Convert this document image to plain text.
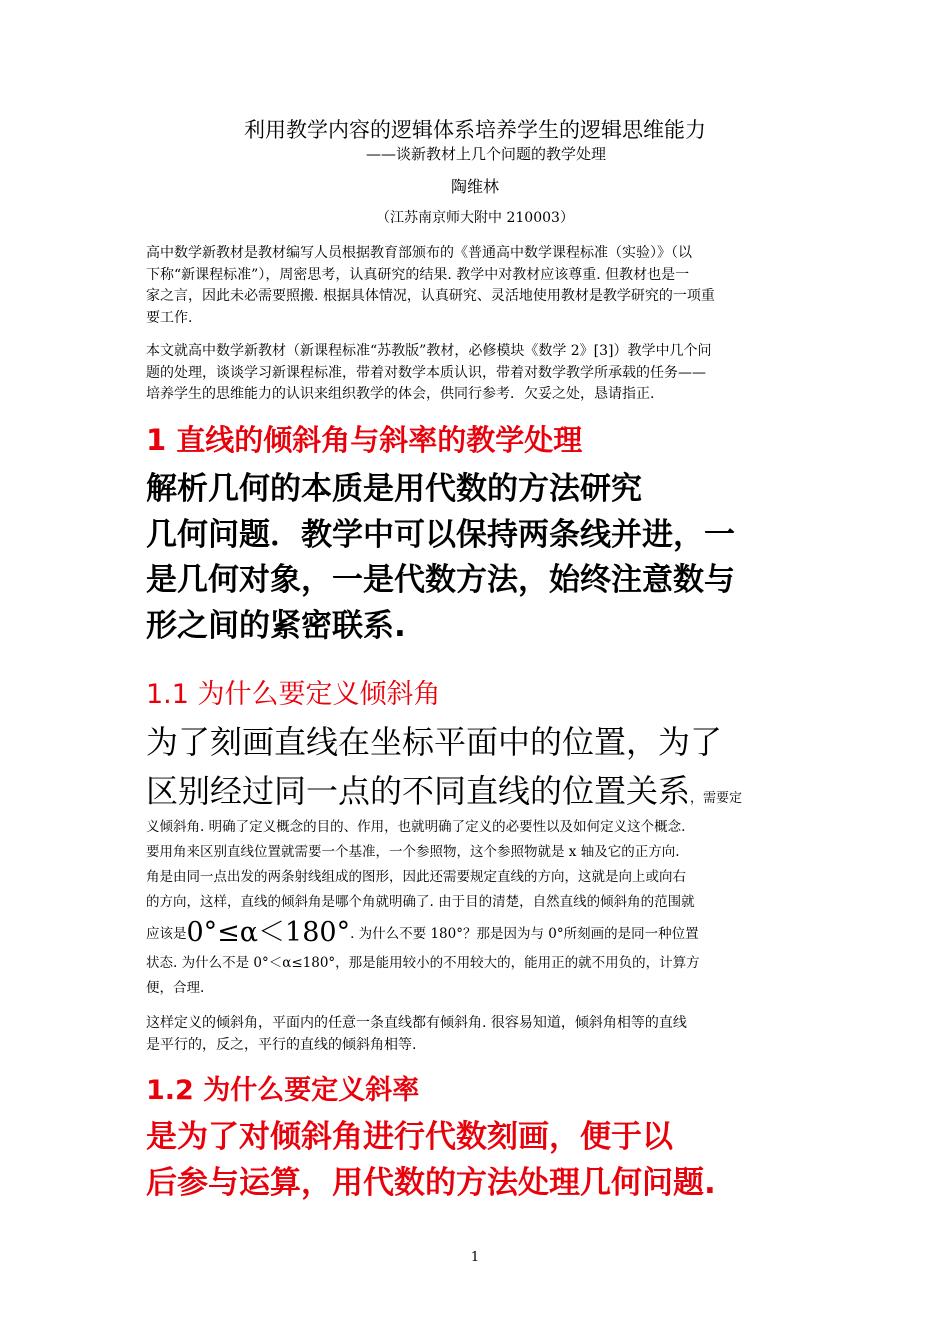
利用教学内容的逻辑体系培养学生的逻辑思维能力
——谈新教材上几个问题的教学处理
陶维林
（江苏南京师大附中 210003）
高中数学新教材是教材编写人员根据教育部颁布的《普通高中数学课程标准（实验）》（以
下称“新课程标准”），周密思考，认真研究的结果. 教学中对教材应该尊重. 但教材也是一
家之言，因此未必需要照搬. 根据具体情况，认真研究、灵活地使用教材是教学研究的一项重
要工作.
本文就高中数学新教材（新课程标准“苏教版”教材，必修模块《数学 2》[3]）教学中几个问
题的处理，谈谈学习新课程标准，带着对数学本质认识，带着对数学教学所承载的任务——
培养学生的思维能力的认识来组织教学的体会，供同行参考．欠妥之处，恳请指正.
1 直线的倾斜角与斜率的教学处理
解析几何的本质是用代数的方法研究
几何问题．教学中可以保持两条线并进，一
是几何对象，一是代数方法，始终注意数与
形之间的紧密联系.
1.1 为什么要定义倾斜角
为了刻画直线在坐标平面中的位置，为了
区别经过同一点的不同直线的位置关系，需要定
义倾斜角. 明确了定义概念的目的、作用，也就明确了定义的必要性以及如何定义这个概念.
要用角来区别直线位置就需要一个基准，一个参照物，这个参照物就是 x 轴及它的正方向.
角是由同一点出发的两条射线组成的图形，因此还需要规定直线的方向，这就是向上或向右
的方向，这样，直线的倾斜角是哪个角就明确了. 由于目的清楚，自然直线的倾斜角的范围就
应该是0°≤α＜180°. 为什么不要 180°？那是因为与 0°所刻画的是同一种位置
状态. 为什么不是 0°＜α≤180°，那是能用较小的不用较大的，能用正的就不用负的，计算方
便，合理.
这样定义的倾斜角，平面内的任意一条直线都有倾斜角. 很容易知道，倾斜角相等的直线
是平行的，反之，平行的直线的倾斜角相等.
1.2 为什么要定义斜率
是为了对倾斜角进行代数刻画，便于以
后参与运算，用代数的方法处理几何问题.
1
